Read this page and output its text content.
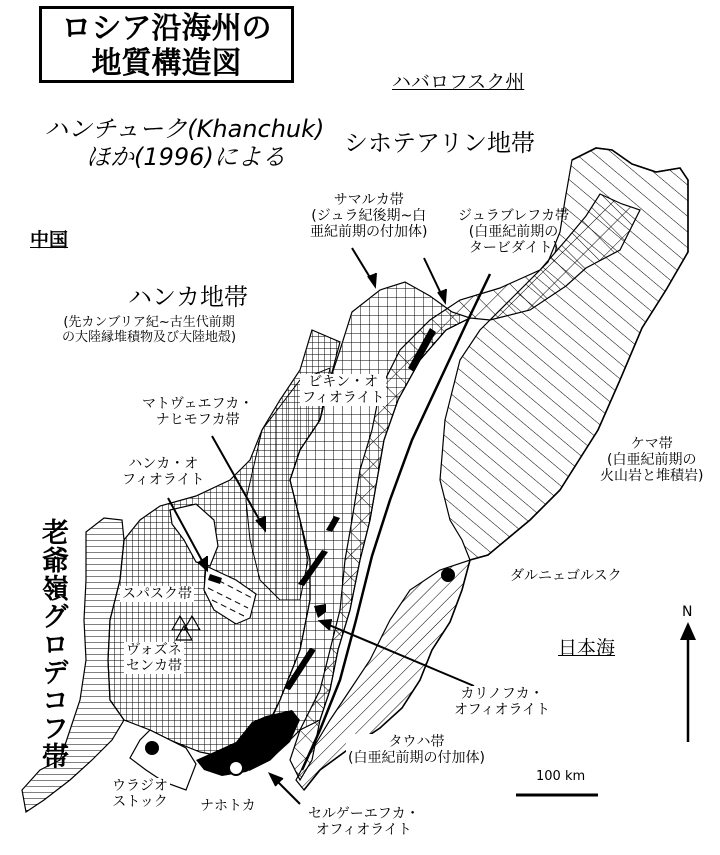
ロシア沿海州の
地質構造図
ハンチューク(Khanchuk)
ほか(1996)による
ハバロフスク州
中国
日本海
シホテアリン地帯
ハンカ地帯
(先カンブリア紀~古生代前期
の大陸縁堆積物及び大陸地殻)
サマルカ帯
(ジュラ紀後期~白
亜紀前期の付加体)
ジュラブレフカ帯
(白亜紀前期の
タービダイト)
ケマ帯
(白亜紀前期の
火山岩と堆積岩)
タウハ帯
(白亜紀前期の付加体)
マトヴェエフカ・
ナヒモフカ帯
スパスク帯
ヴォズネ
センカ帯
老爺嶺グロデコフ帯
ビキン・オ
フィオライト
ハンカ・オ
フィオライト
カリノフカ・
オフィオライト
セルゲーエフカ・
オフィオライト
ウラジオ
ストック ナホトカ
ダルニェゴルスク
N
100 km
